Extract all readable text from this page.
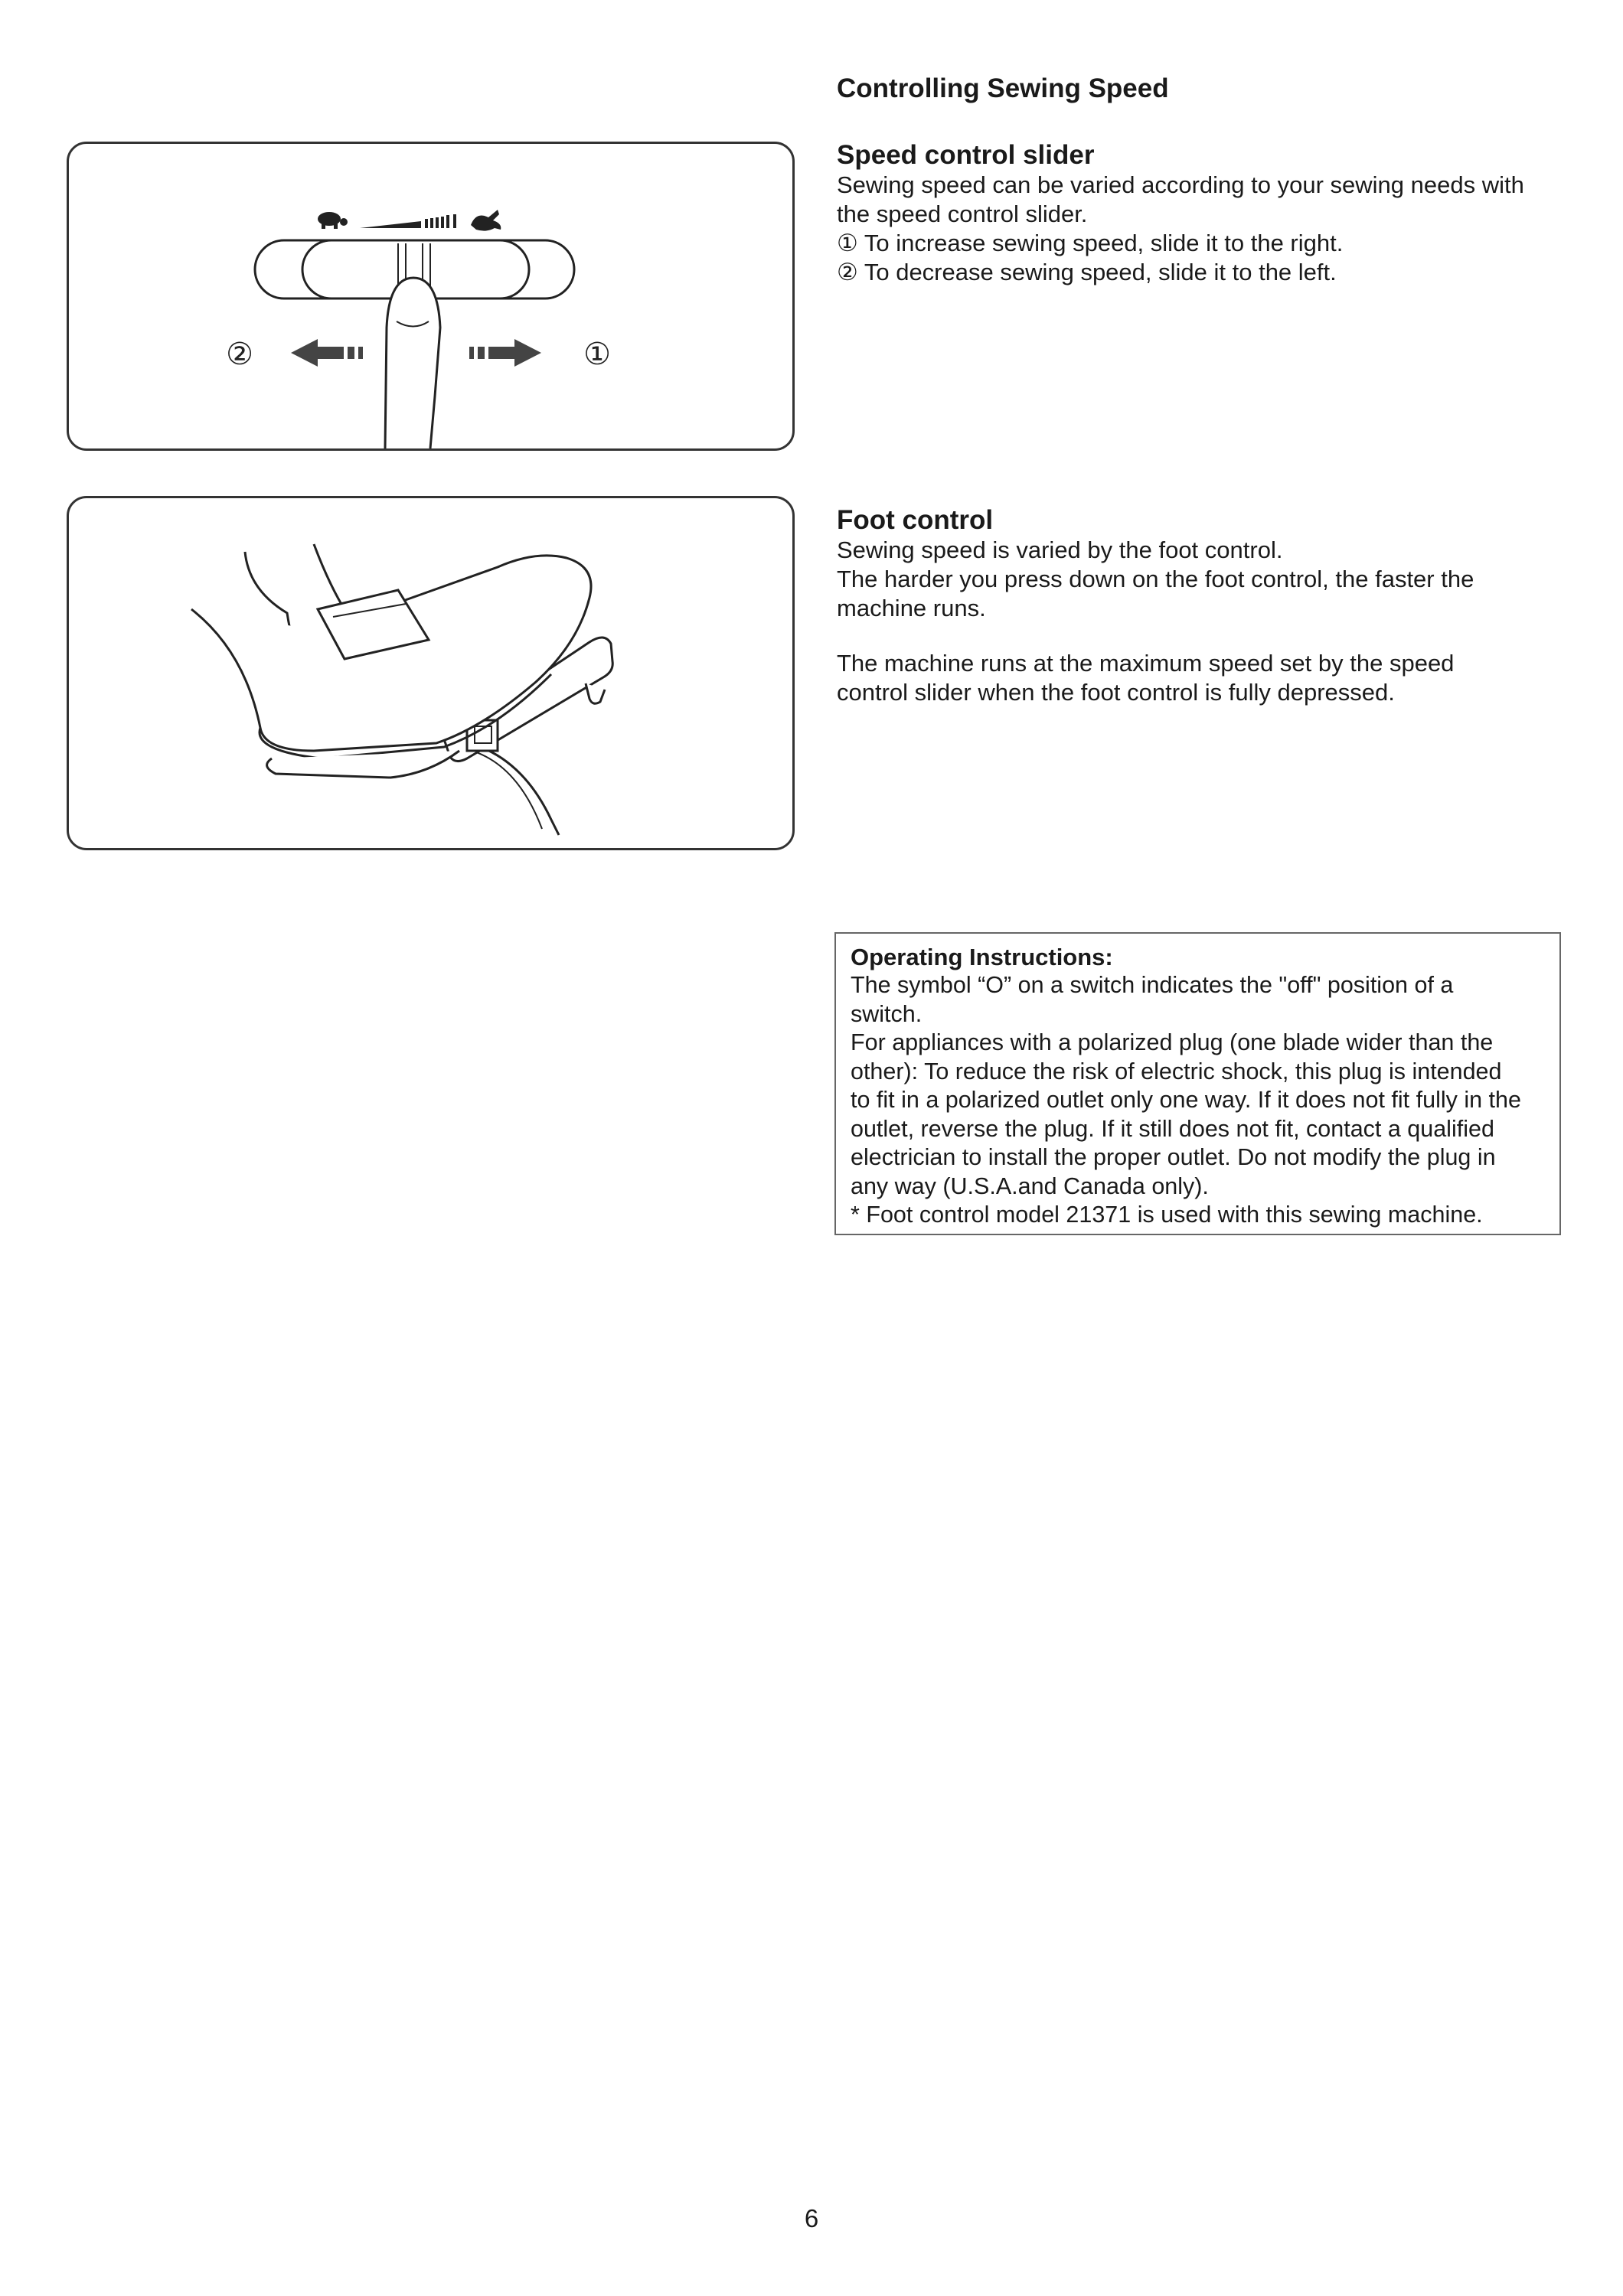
Controlling Sewing Speed
②	①
Speed control slider

Sewing speed can be varied according to your sewing needs with
the speed control slider.
① To increase sewing speed, slide it to the right.
② To decrease sewing speed, slide it to the left.

Foot control

Sewing speed is varied by the foot control.
The harder you press down on the foot control, the faster the
machine runs.

The machine runs at the maximum speed set by the speed
control slider when the foot control is fully depressed.

Operating Instructions:

The symbol “O” on a switch indicates the "off" position of a
switch.
For appliances with a polarized plug (one blade wider than the
other): To reduce the risk of electric shock, this plug is intended
to fit in a polarized outlet only one way. If it does not fit fully in the
outlet, reverse the plug. If it still does not fit, contact a qualified
electrician to install the proper outlet. Do not modify the plug in
any way (U.S.A.and Canada only).
* Foot control model 21371 is used with this sewing machine.

6
